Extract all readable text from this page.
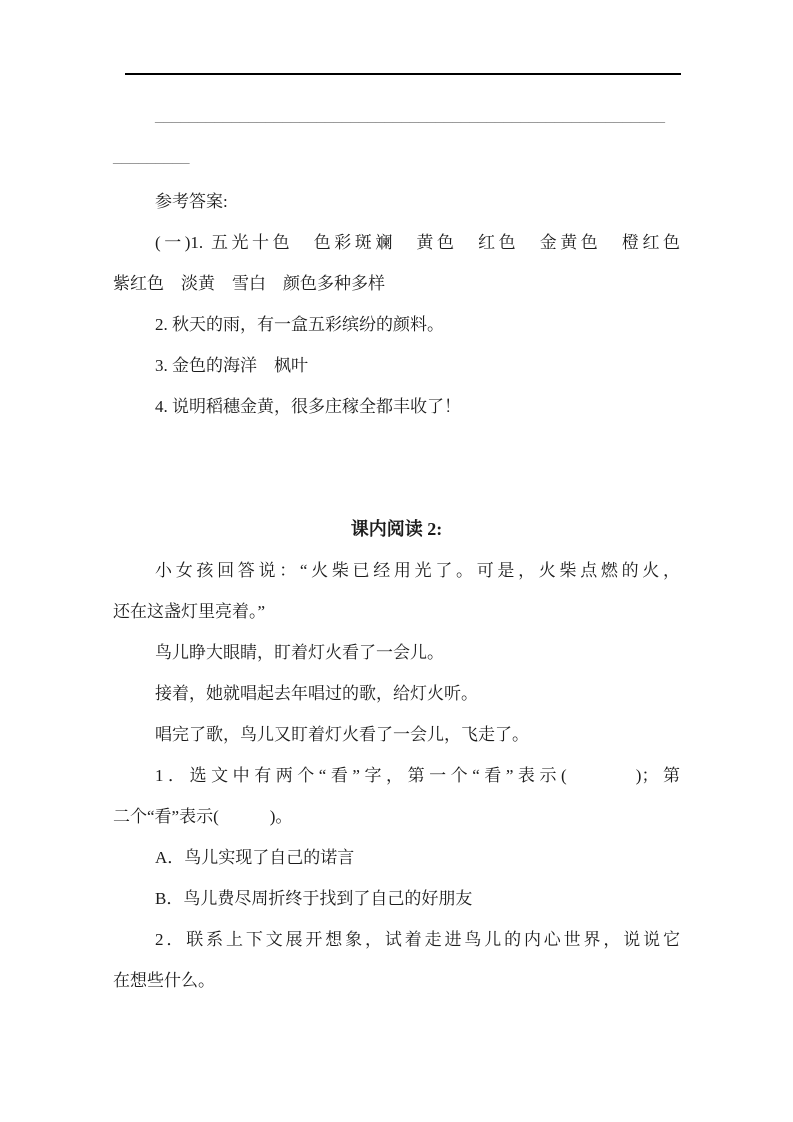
____________________________________________________________
_________
参考答案:
(一)1. 五光十色　色彩斑斓　黄色　红色　金黄色　橙红色
紫红色　淡黄　雪白　颜色多种多样
2. 秋天的雨，有一盒五彩缤纷的颜料。
3. 金色的海洋　枫叶
4. 说明稻穗金黄，很多庄稼全都丰收了！
课内阅读 2:
小女孩回答说：“火柴已经用光了。可是，火柴点燃的火，
还在这盏灯里亮着。”
鸟儿睁大眼睛，盯着灯火看了一会儿。
接着，她就唱起去年唱过的歌，给灯火听。
唱完了歌，鸟儿又盯着灯火看了一会儿，飞走了。
1．选文中有两个“看”字，第一个“看”表示(　　　)；第
二个“看”表示(　　　)。
A．鸟儿实现了自己的诺言
B．鸟儿费尽周折终于找到了自己的好朋友
2．联系上下文展开想象，试着走进鸟儿的内心世界，说说它
在想些什么。
